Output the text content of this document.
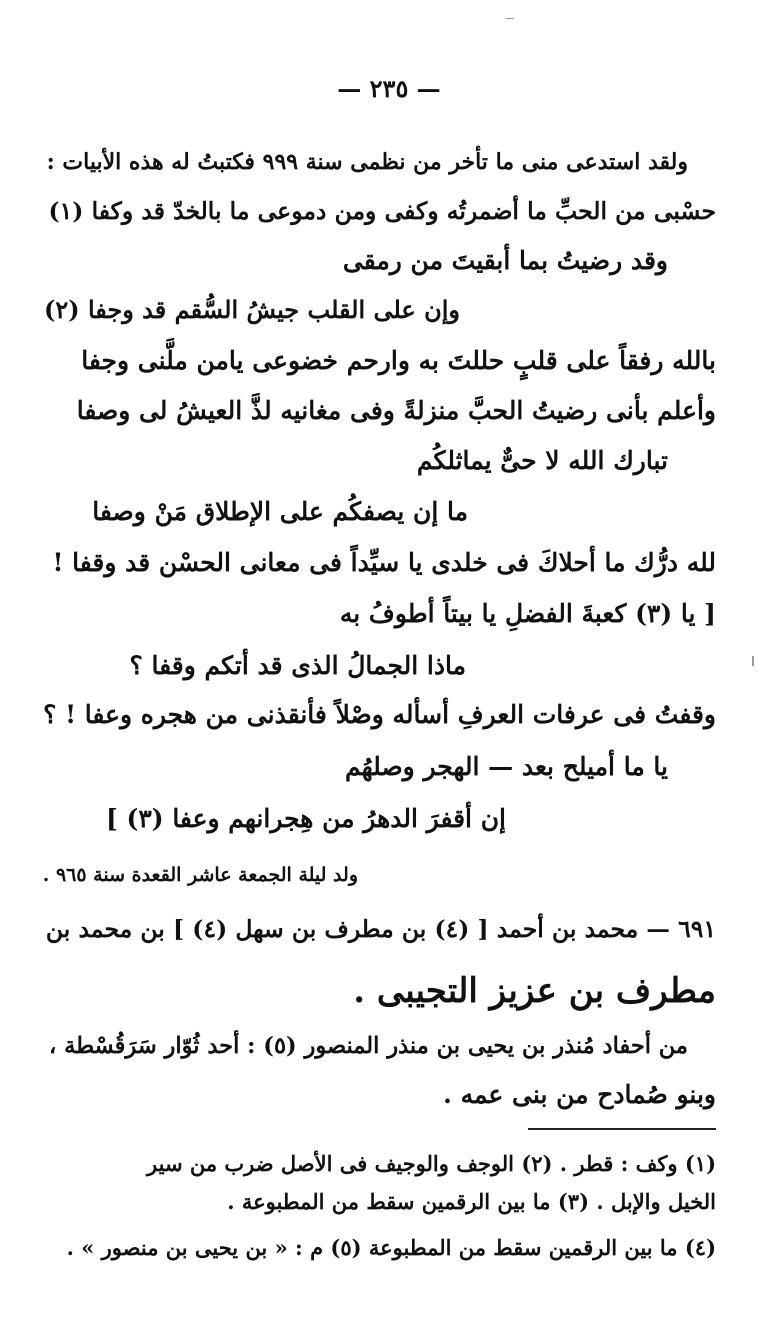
— ٢٣٥ —
ولقد استدعى منى ما تأخر من نظمى سنة ٩٩٩ فكتبتُ له هذه الأبيات :
حسْبى من الحبِّ ما أضمرتُه وكفى ومن دموعى ما بالخدّ قد وكفا (١)
وقد رضيتُ بما أبقيتَ من رمقى
وإن على القلب جيشُ السُّقم قد وجفا (٢)
بالله رفقاً على قلبٍ حللتَ به وارحم خضوعى يامن ملَّنى وجفا
وأعلم بأنى رضيتُ الحبَّ منزلةً وفى مغانيه لذَّ العيشُ لى وصفا
تبارك الله لا حىٌّ يماثلكُم
ما إن يصفكُم على الإطلاق مَنْ وصفا
لله درُّك ما أحلاكَ فى خلدى يا سيِّداً فى معانى الحسْن قد وقفا !
[ يا (٣) كعبةَ الفضلِ يا بيتاً أطوفُ به
ماذا الجمالُ الذى قد أتكم وقفا ؟
وقفتُ فى عرفات العرفِ أسأله وصْلاً فأنقذنى من هجره وعفا ! ؟
يا ما أميلح بعد — الهجر وصلهُم
إن أقفرَ الدهرُ من هِجرانهم وعفا (٣) ]
ولد ليلة الجمعة عاشر القعدة سنة ٩٦٥ .
٦٩١ — محمد بن أحمد [ (٤) بن مطرف بن سهل (٤) ] بن محمد بن
مطرف بن عزيز التجيبى .
من أحفاد مُنذر بن يحيى بن منذر المنصور (٥) : أحد ثُوّار سَرَقُسْطة ،
وبنو صُمادح من بنى عمه .
(١) وكف : قطر . (٢) الوجف والوجيف فى الأصل ضرب من سير
الخيل والإبل . (٣) ما بين الرقمين سقط من المطبوعة .
(٤) ما بين الرقمين سقط من المطبوعة (٥) م : « بن يحيى بن منصور » .
